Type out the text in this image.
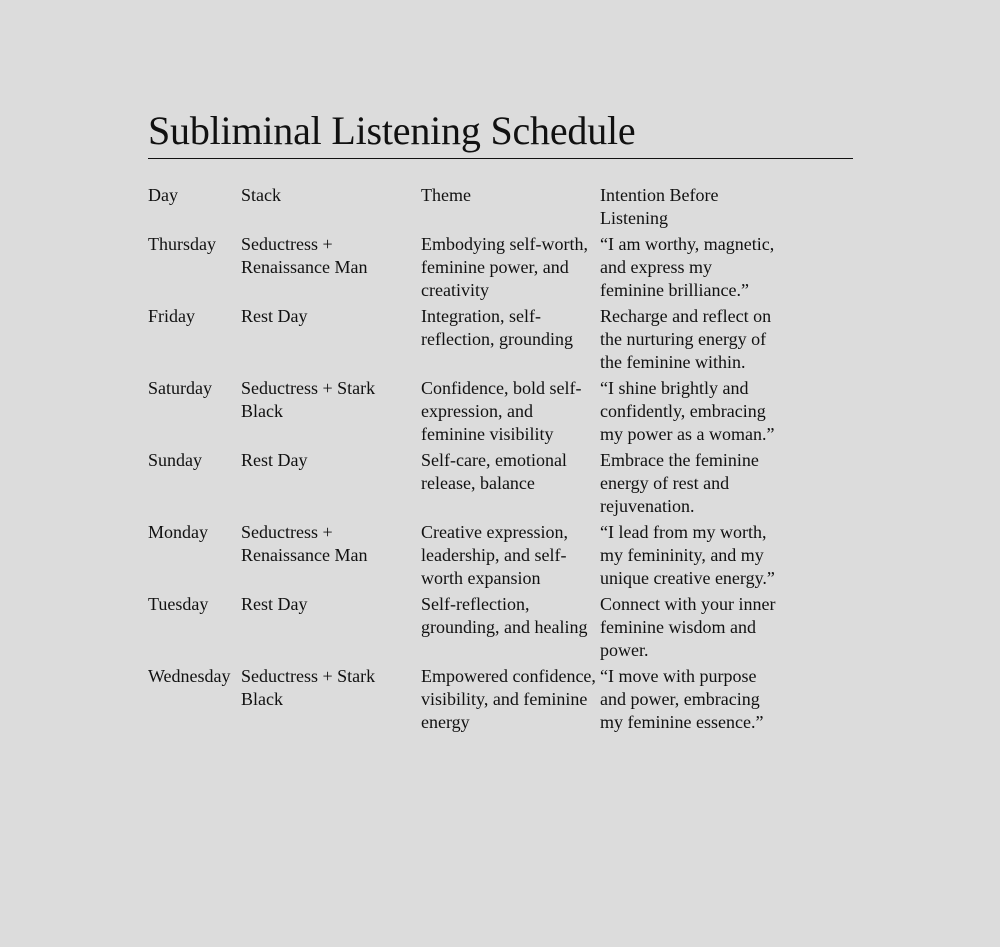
Subliminal Listening Schedule
Day	Stack	Theme	Intention Before Listening
Thursday	Seductress + Renaissance Man	Embodying self-worth, feminine power, and creativity	“I am worthy, magnetic, and express my feminine brilliance.”
Friday	Rest Day	Integration, self-reflection, grounding	Recharge and reflect on the nurturing energy of the feminine within.
Saturday	Seductress + Stark Black	Confidence, bold self-expression, and feminine visibility	“I shine brightly and confidently, embracing my power as a woman.”
Sunday	Rest Day	Self-care, emotional release, balance	Embrace the feminine energy of rest and rejuvenation.
Monday	Seductress + Renaissance Man	Creative expression, leadership, and self-worth expansion	“I lead from my worth, my femininity, and my unique creative energy.”
Tuesday	Rest Day	Self-reflection, grounding, and healing	Connect with your inner feminine wisdom and power.
Wednesday	Seductress + Stark Black	Empowered confidence, visibility, and feminine energy	“I move with purpose and power, embracing my feminine essence.”
